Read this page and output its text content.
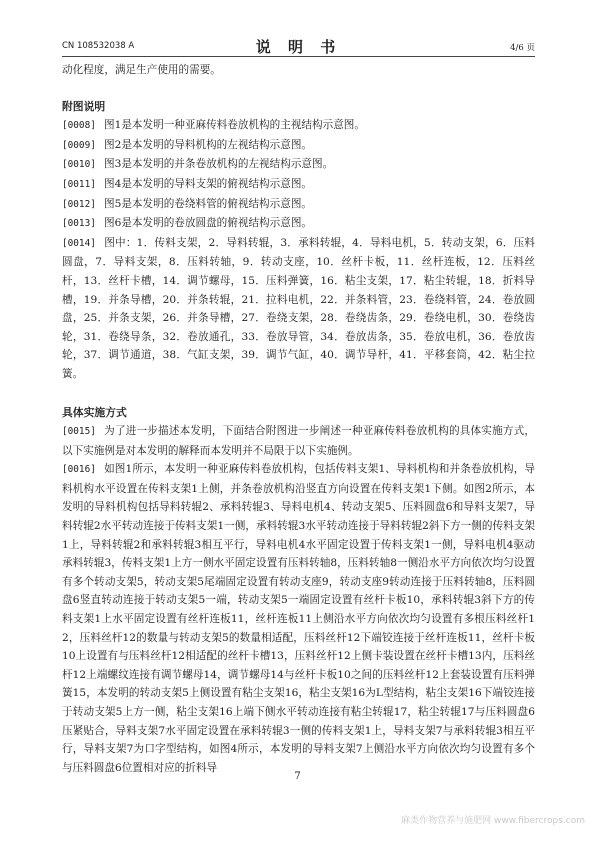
CN 108532038 A	说 明 书	4/6 页

动化程度，满足生产使用的需要。

附图说明

[0008] 图1是本发明一种亚麻传料卷放机构的主视结构示意图。

[0009] 图2是本发明的导料机构的左视结构示意图。

[0010] 图3是本发明的并条卷放机构的左视结构示意图。

[0011] 图4是本发明的导料支架的俯视结构示意图。

[0012] 图5是本发明的卷绕料管的俯视结构示意图。

[0013] 图6是本发明的卷放圆盘的俯视结构示意图。

[0014] 图中：1．传料支架，2．导料转辊，3．承料转辊，4．导料电机，5．转动支架，6．压料圆盘，7．导料支架，8．压料转轴，9．转动支座，10．丝杆卡板，11．丝杆连板，12．压料丝杆，13．丝杆卡槽，14．调节螺母，15．压料弹簧，16．粘尘支架，17．粘尘转辊，18．折料导槽，19．并条导槽，20．并条转辊，21．拉料电机，22．并条料管，23．卷绕料管，24．卷放圆盘，25．并条支架，26．并条导槽，27．卷绕支架，28．卷绕齿条，29．卷绕电机，30．卷绕齿轮，31．卷绕导条，32．卷放通孔，33．卷放导管，34．卷放齿条，35．卷放电机，36．卷放齿轮，37．调节通道，38．气缸支架，39．调节气缸，40．调节导杆，41．平移套筒，42．粘尘拉簧。

具体实施方式

[0015] 为了进一步描述本发明，下面结合附图进一步阐述一种亚麻传料卷放机构的具体实施方式，以下实施例是对本发明的解释而本发明并不局限于以下实施例。

[0016] 如图1所示，本发明一种亚麻传料卷放机构，包括传料支架1、导料机构和并条卷放机构，导料机构水平设置在传料支架1上侧，并条卷放机构沿竖直方向设置在传料支架1下侧。如图2所示，本发明的导料机构包括导料转辊2、承料转辊3、导料电机4、转动支架5、压料圆盘6和导料支架7，导料转辊2水平转动连接于传料支架1一侧，承料转辊3水平转动连接于导料转辊2斜下方一侧的传料支架1上，导料转辊2和承料转辊3相互平行，导料电机4水平固定设置于传料支架1一侧，导料电机4驱动承料转辊3，传料支架1上方一侧水平固定设置有压料转轴8，压料转轴8一侧沿水平方向依次均匀设置有多个转动支架5，转动支架5尾端固定设置有转动支座9，转动支座9转动连接于压料转轴8，压料圆盘6竖直转动连接于转动支架5一端，转动支架5一端固定设置有丝杆卡板10，承料转辊3斜下方的传料支架1上水平固定设置有丝杆连板11，丝杆连板11上侧沿水平方向依次均匀设置有多根压料丝杆12，压料丝杆12的数量与转动支架5的数量相适配，压料丝杆12下端铰连接于丝杆连板11，丝杆卡板10上设置有与压料丝杆12相适配的丝杆卡槽13，压料丝杆12上侧卡装设置在丝杆卡槽13内，压料丝杆12上端螺纹连接有调节螺母14，调节螺母14与丝杆卡板10之间的压料丝杆12上套装设置有压料弹簧15，本发明的转动支架5上侧设置有粘尘支架16，粘尘支架16为L型结构，粘尘支架16下端铰连接于转动支架5上方一侧，粘尘支架16上端下侧水平转动连接有粘尘转辊17，粘尘转辊17与压料圆盘6压紧贴合，导料支架7水平固定设置在承料转辊3一侧的传料支架1上，导料支架7与承料转辊3相互平行，导料支架7为口字型结构，如图4所示，本发明的导料支架7上侧沿水平方向依次均匀设置有多个与压料圆盘6位置相对应的折料导

7
麻类作物营养与施肥网 www.fibercrops.com
